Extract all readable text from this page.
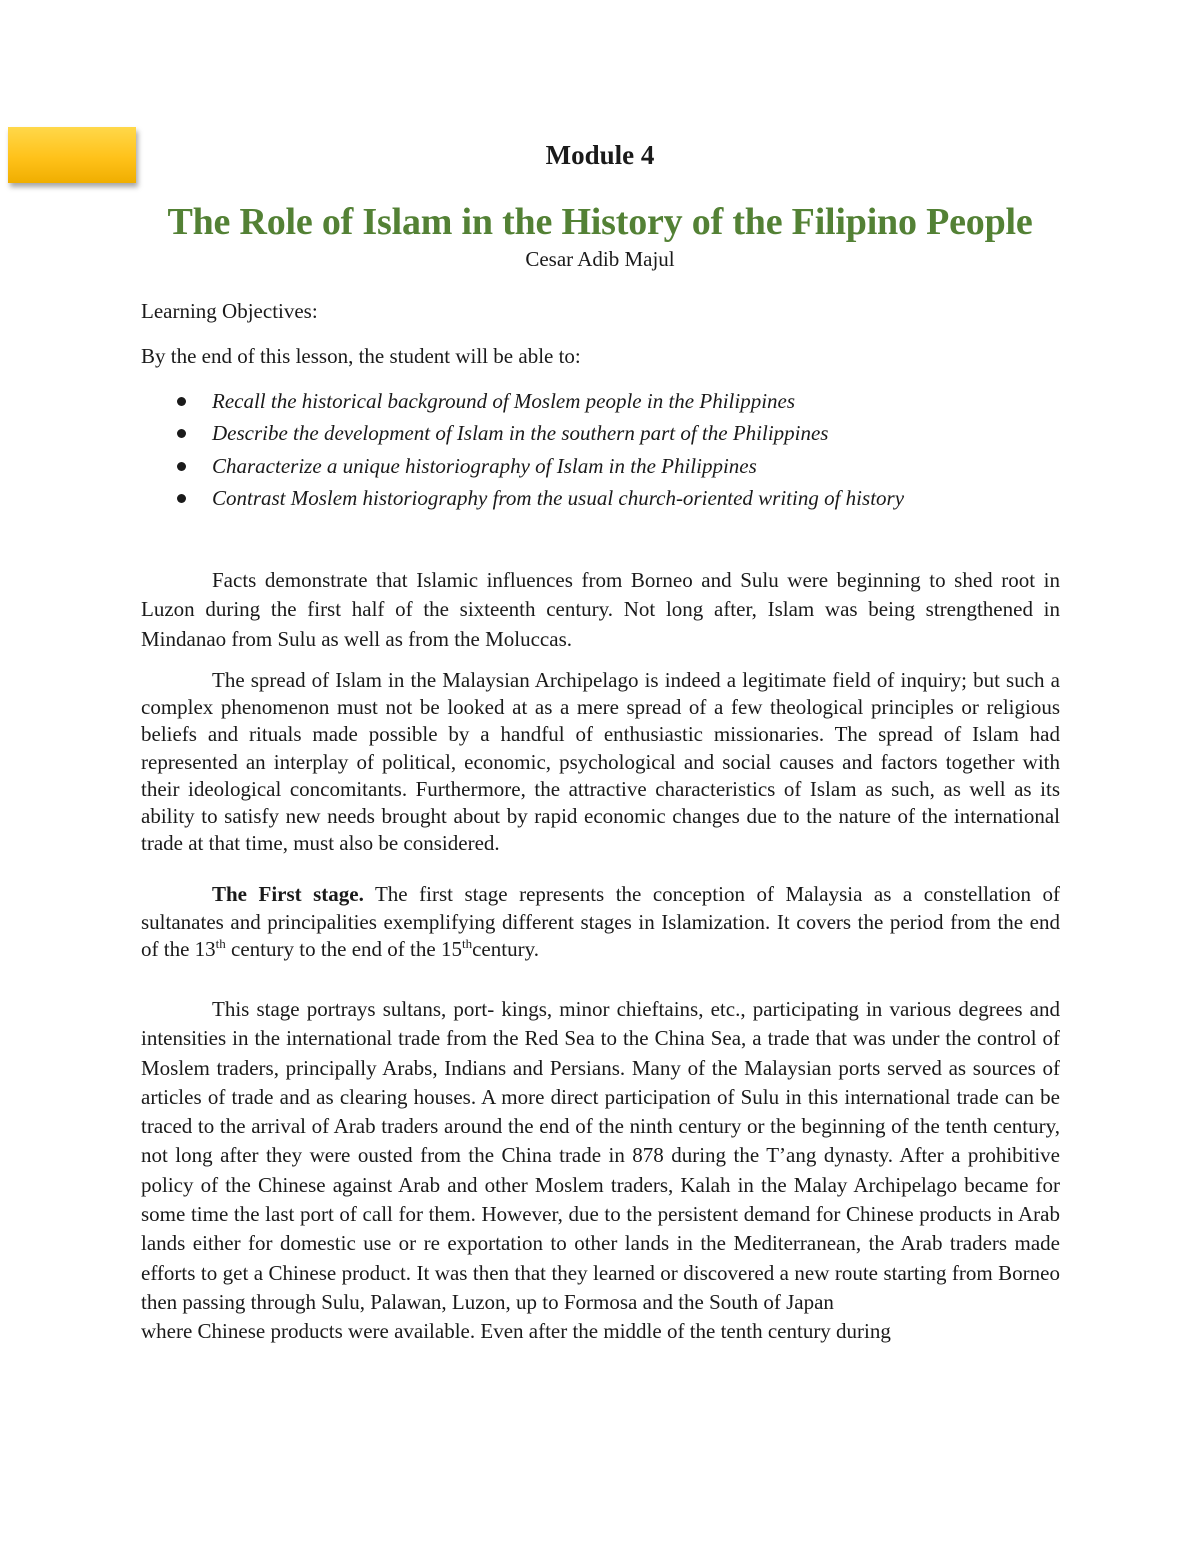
Module 4
The Role of Islam in the History of the Filipino People
Cesar Adib Majul

Learning Objectives:

By the end of this lesson, the student will be able to:

Recall the historical background of Moslem people in the Philippines
Describe the development of Islam in the southern part of the Philippines
Characterize a unique historiography of Islam in the Philippines
Contrast Moslem historiography from the usual church-oriented writing of history

Facts demonstrate that Islamic influences from Borneo and Sulu were beginning to shed root in Luzon during the first half of the sixteenth century. Not long after, Islam was being strengthened in Mindanao from Sulu as well as from the Moluccas.

The spread of Islam in the Malaysian Archipelago is indeed a legitimate field of inquiry; but such a complex phenomenon must not be looked at as a mere spread of a few theological principles or religious beliefs and rituals made possible by a handful of enthusiastic missionaries. The spread of Islam had represented an interplay of political, economic, psychological and social causes and factors together with their ideological concomitants. Furthermore, the attractive characteristics of Islam as such, as well as its ability to satisfy new needs brought about by rapid economic changes due to the nature of the international trade at that time, must also be considered.

The First stage. The first stage represents the conception of Malaysia as a constellation of sultanates and principalities exemplifying different stages in Islamization. It covers the period from the end of the 13th century to the end of the 15thcentury.

This stage portrays sultans, port- kings, minor chieftains, etc., participating in various degrees and intensities in the international trade from the Red Sea to the China Sea, a trade that was under the control of Moslem traders, principally Arabs, Indians and Persians. Many of the Malaysian ports served as sources of articles of trade and as clearing houses. A more direct participation of Sulu in this international trade can be traced to the arrival of Arab traders around the end of the ninth century or the beginning of the tenth century, not long after they were ousted from the China trade in 878 during the T’ang dynasty. After a prohibitive policy of the Chinese against Arab and other Moslem traders, Kalah in the Malay Archipelago became for some time the last port of call for them. However, due to the persistent demand for Chinese products in Arab lands either for domestic use or re exportation to other lands in the Mediterranean, the Arab traders made efforts to get a Chinese product. It was then that they learned or discovered a new route starting from Borneo then passing through Sulu, Palawan, Luzon, up to Formosa and the South of Japan
where Chinese products were available. Even after the middle of the tenth century during
